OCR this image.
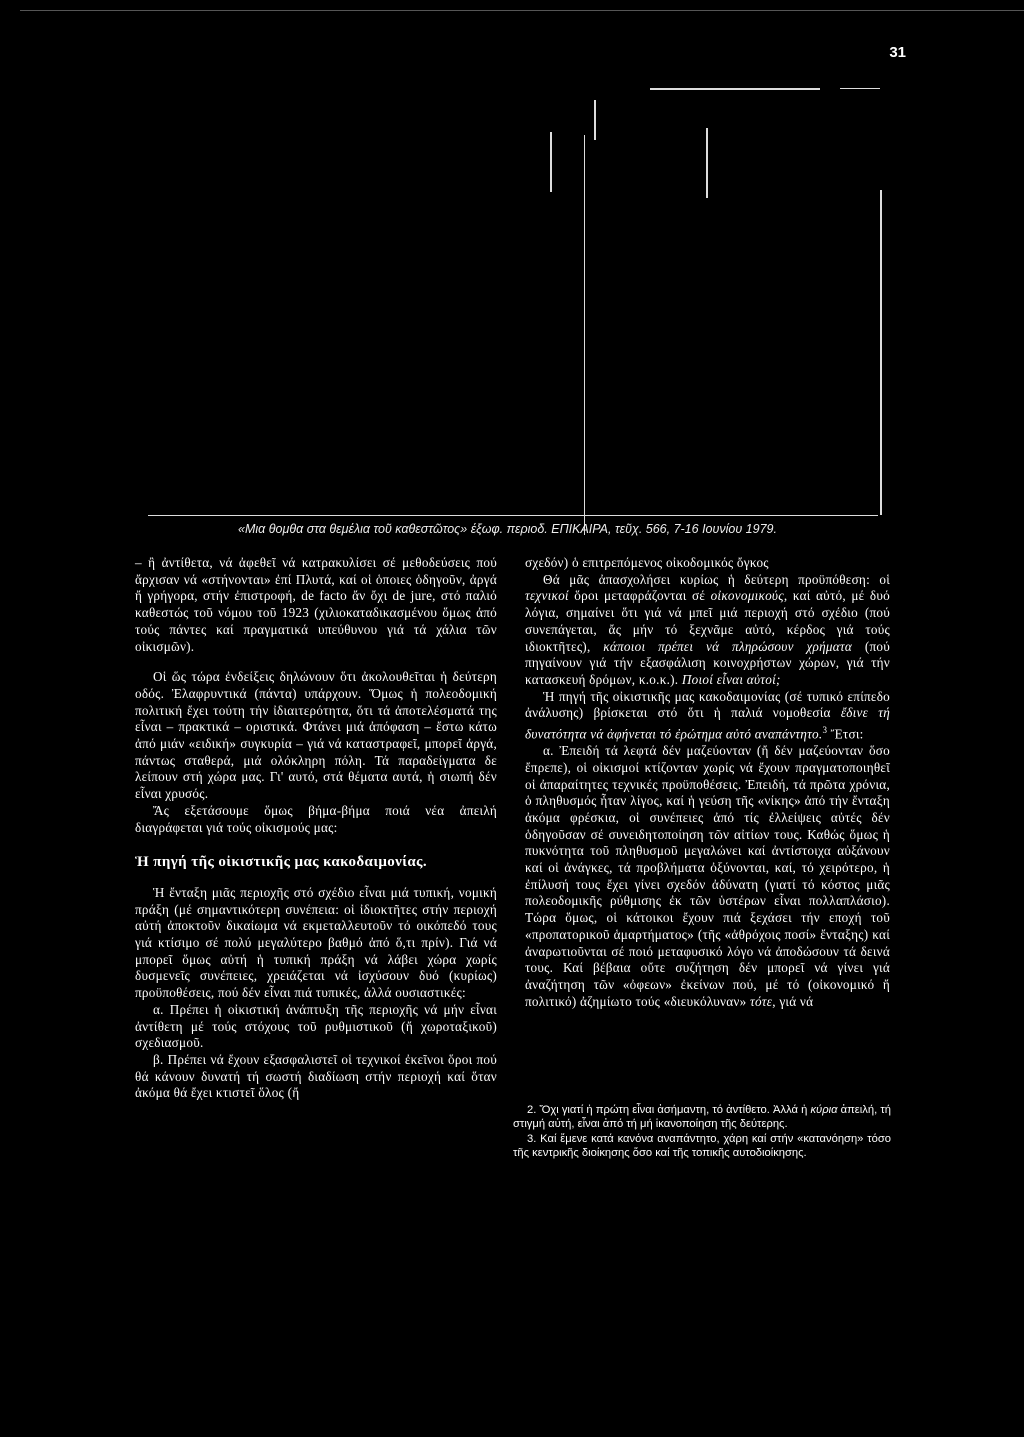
31
«Μια θομθα στα θεμέλια τοῦ καθεστῶτος» έξωφ. περιοδ. ΕΠΙΚΑΙΡΑ, τεῦχ. 566, 7-16 Ιουνίου 1979.

– ἢ ἀντίθετα, νά ἀφεθεῖ νά κατρακυλίσει σέ μεθοδεύσεις πού ἄρχισαν νά «στήνονται» ἐπί Πλυτά, καί οἱ ὁποιες ὁδηγοῦν, ἀργά ἤ γρήγορα, στήν ἐπιστροφή, de facto ἄν ὄχι de jure, στό παλιό καθεστώς τοῦ νόμου τοῦ 1923 (χιλιοκαταδικασμένου ὅμως ἀπό τούς πάντες καί πραγματικά υπεύθυνου γιά τά χάλια τῶν οἰκισμῶν).

Οἱ ὥς τώρα ἐνδείξεις δηλώνουν ὅτι ἀκολουθεῖται ἡ δεύτερη οδός. Ἐλαφρυντικά (πάντα) υπάρχουν. Ὅμως ἡ πολεοδομική πολιτική ἔχει τούτη τήν ἰδιαιτερότητα, ὅτι τά ἀποτελέσματά της εἶναι – πρακτικά – οριστικά. Φτάνει μιά ἀπόφαση – ἔστω κάτω ἀπό μιάν «ειδική» συγκυρία – γιά νά καταστραφεῖ, μπορεῖ ἀργά, πάντως σταθερά, μιά ολόκληρη πόλη. Τά παραδείγματα δε λείπουν στή χώρα μας. Γι' αυτό, στά θέματα αυτά, ἡ σιωπή δέν εἶναι χρυσός.

Ἄς εξετάσουμε ὅμως βήμα-βήμα ποιά νέα ἀπειλή διαγράφεται γιά τούς οἰκισμούς μας:

Ἡ πηγή τῆς οἰκιστικῆς μας κακοδαιμονίας.

Ἡ ἔνταξη μιᾶς περιοχῆς στό σχέδιο εἶναι μιά τυπική, νομική πράξη (μέ σημαντικότερη συνέπεια: οἱ ἰδιοκτῆτες στήν περιοχή αὐτή ἀποκτοῦν δικαίωμα νά εκμεταλλευτοῦν τό οικόπεδό τους γιά κτίσιμο σέ πολύ μεγαλύτερο βαθμό ἀπό ὅ,τι πρίν). Γιά νά μπορεῖ ὅμως αὐτή ἡ τυπική πράξη νά λάβει χώρα χωρίς δυσμενεῖς συνέπειες, χρειάζεται νά ἰσχύσουν δυό (κυρίως) προϋποθέσεις, πού δέν εἶναι πιά τυπικές, ἀλλά ουσιαστικές:

α. Πρέπει ἡ οἰκιστική ἀνάπτυξη τῆς περιοχῆς νά μήν εἶναι ἀντίθετη μέ τούς στόχους τοῦ ρυθμιστικοῦ (ἤ χωροταξικοῦ) σχεδιασμοῦ.

β. Πρέπει νά ἔχουν εξασφαλιστεῖ οἱ τεχνικοί ἐκεῖνοι ὅροι πού θά κάνουν δυνατή τή σωστή διαδίωση στήν περιοχή καί ὅταν ἀκόμα θά ἔχει κτιστεῖ ὅλος (ἤ

σχεδόν) ὁ επιτρεπόμενος οἰκοδομικός ὄγκος

Θά μᾶς ἀπασχολήσει κυρίως ἡ δεύτερη προϋπόθεση: οἱ τεχνικοί ὅροι μεταφράζονται σέ οἰκονομικούς, καί αὐτό, μέ δυό λόγια, σημαίνει ὅτι γιά νά μπεῖ μιά περιοχή στό σχέδιο (πού συνεπάγεται, ἄς μήν τό ξεχνᾶμε αὐτό, κέρδος γιά τούς ιδιοκτῆτες), κάποιοι πρέπει νά πληρώσουν χρήματα (πού πηγαίνουν γιά τήν εξασφάλιση κοινοχρήστων χώρων, γιά τήν κατασκευή δρόμων, κ.ο.κ.). Ποιοί εἶναι αὐτοί;

Ἡ πηγή τῆς οἰκιστικῆς μας κακοδαιμονίας (σέ τυπικό επίπεδο ἀνάλυσης) βρίσκεται στό ὅτι ἡ παλιά νομοθεσία ἔδινε τή δυνατότητα νά ἀφήνεται τό ἐρώτημα αὐτό αναπάντητο.$^3$ Ἔτσι:

α. Ἐπειδή τά λεφτά δέν μαζεύονταν (ἤ δέν μαζεύονταν ὅσο ἔπρεπε), οἱ οἰκισμοί κτίζονταν χωρίς νά ἔχουν πραγματοποιηθεῖ οἱ ἀπαραίτητες τεχνικές προϋποθέσεις. Ἐπειδή, τά πρῶτα χρόνια, ὁ πληθυσμός ἦταν λίγος, καί ἡ γεύση τῆς «νίκης» ἀπό τήν ἔνταξη ἀκόμα φρέσκια, οἱ συνέπειες ἀπό τίς ἐλλείψεις αὐτές δέν ὁδηγοῦσαν σέ συνειδητοποίηση τῶν αἰτίων τους. Καθώς ὅμως ἡ πυκνότητα τοῦ πληθυσμοῦ μεγαλώνει καί ἀντίστοιχα αὐξάνουν καί οἱ ἀνάγκες, τά προβλήματα ὀξύνονται, καί, τό χειρότερο, ἡ ἐπίλυσή τους ἔχει γίνει σχεδόν ἀδύνατη (γιατί τό κόστος μιᾶς πολεοδομικῆς ρύθμισης ἐκ τῶν ὑστέρων εἶναι πολλαπλάσιο). Τώρα ὅμως, οἱ κάτοικοι ἔχουν πιά ξεχάσει τήν εποχή τοῦ «προπατορικοῦ ἁμαρτήματος» (τῆς «ἀθρόχοις ποσί» ἔνταξης) καί ἀναρωτιοῦνται σέ ποιό μεταφυσικό λόγο νά ἀποδώσουν τά δεινά τους. Καί βέβαια οὔτε συζήτηση δέν μπορεῖ νά γίνει γιά ἀναζήτηση τῶν «ὀφεων» ἐκείνων πού, μέ τό (οἰκονομικό ἤ πολιτικό) ἀζημίωτο τούς «διευκόλυναν» τότε, γιά νά

2. Ὄχι γιατί ἡ πρώτη εἶναι ἀσήμαντη, τό ἀντίθετο. Ἀλλά ἡ κύρια ἀπειλή, τή στιγμή αὐτή, εἶναι ἀπό τή μή ἱκανοποίηση τῆς δεύτερης.

3. Καί ἔμενε κατά κανόνα αναπάντητο, χάρη καί στήν «κατανόηση» τόσο τῆς κεντρικῆς διοίκησης ὅσο καί τῆς τοπικῆς αυτοδιοίκησης.
